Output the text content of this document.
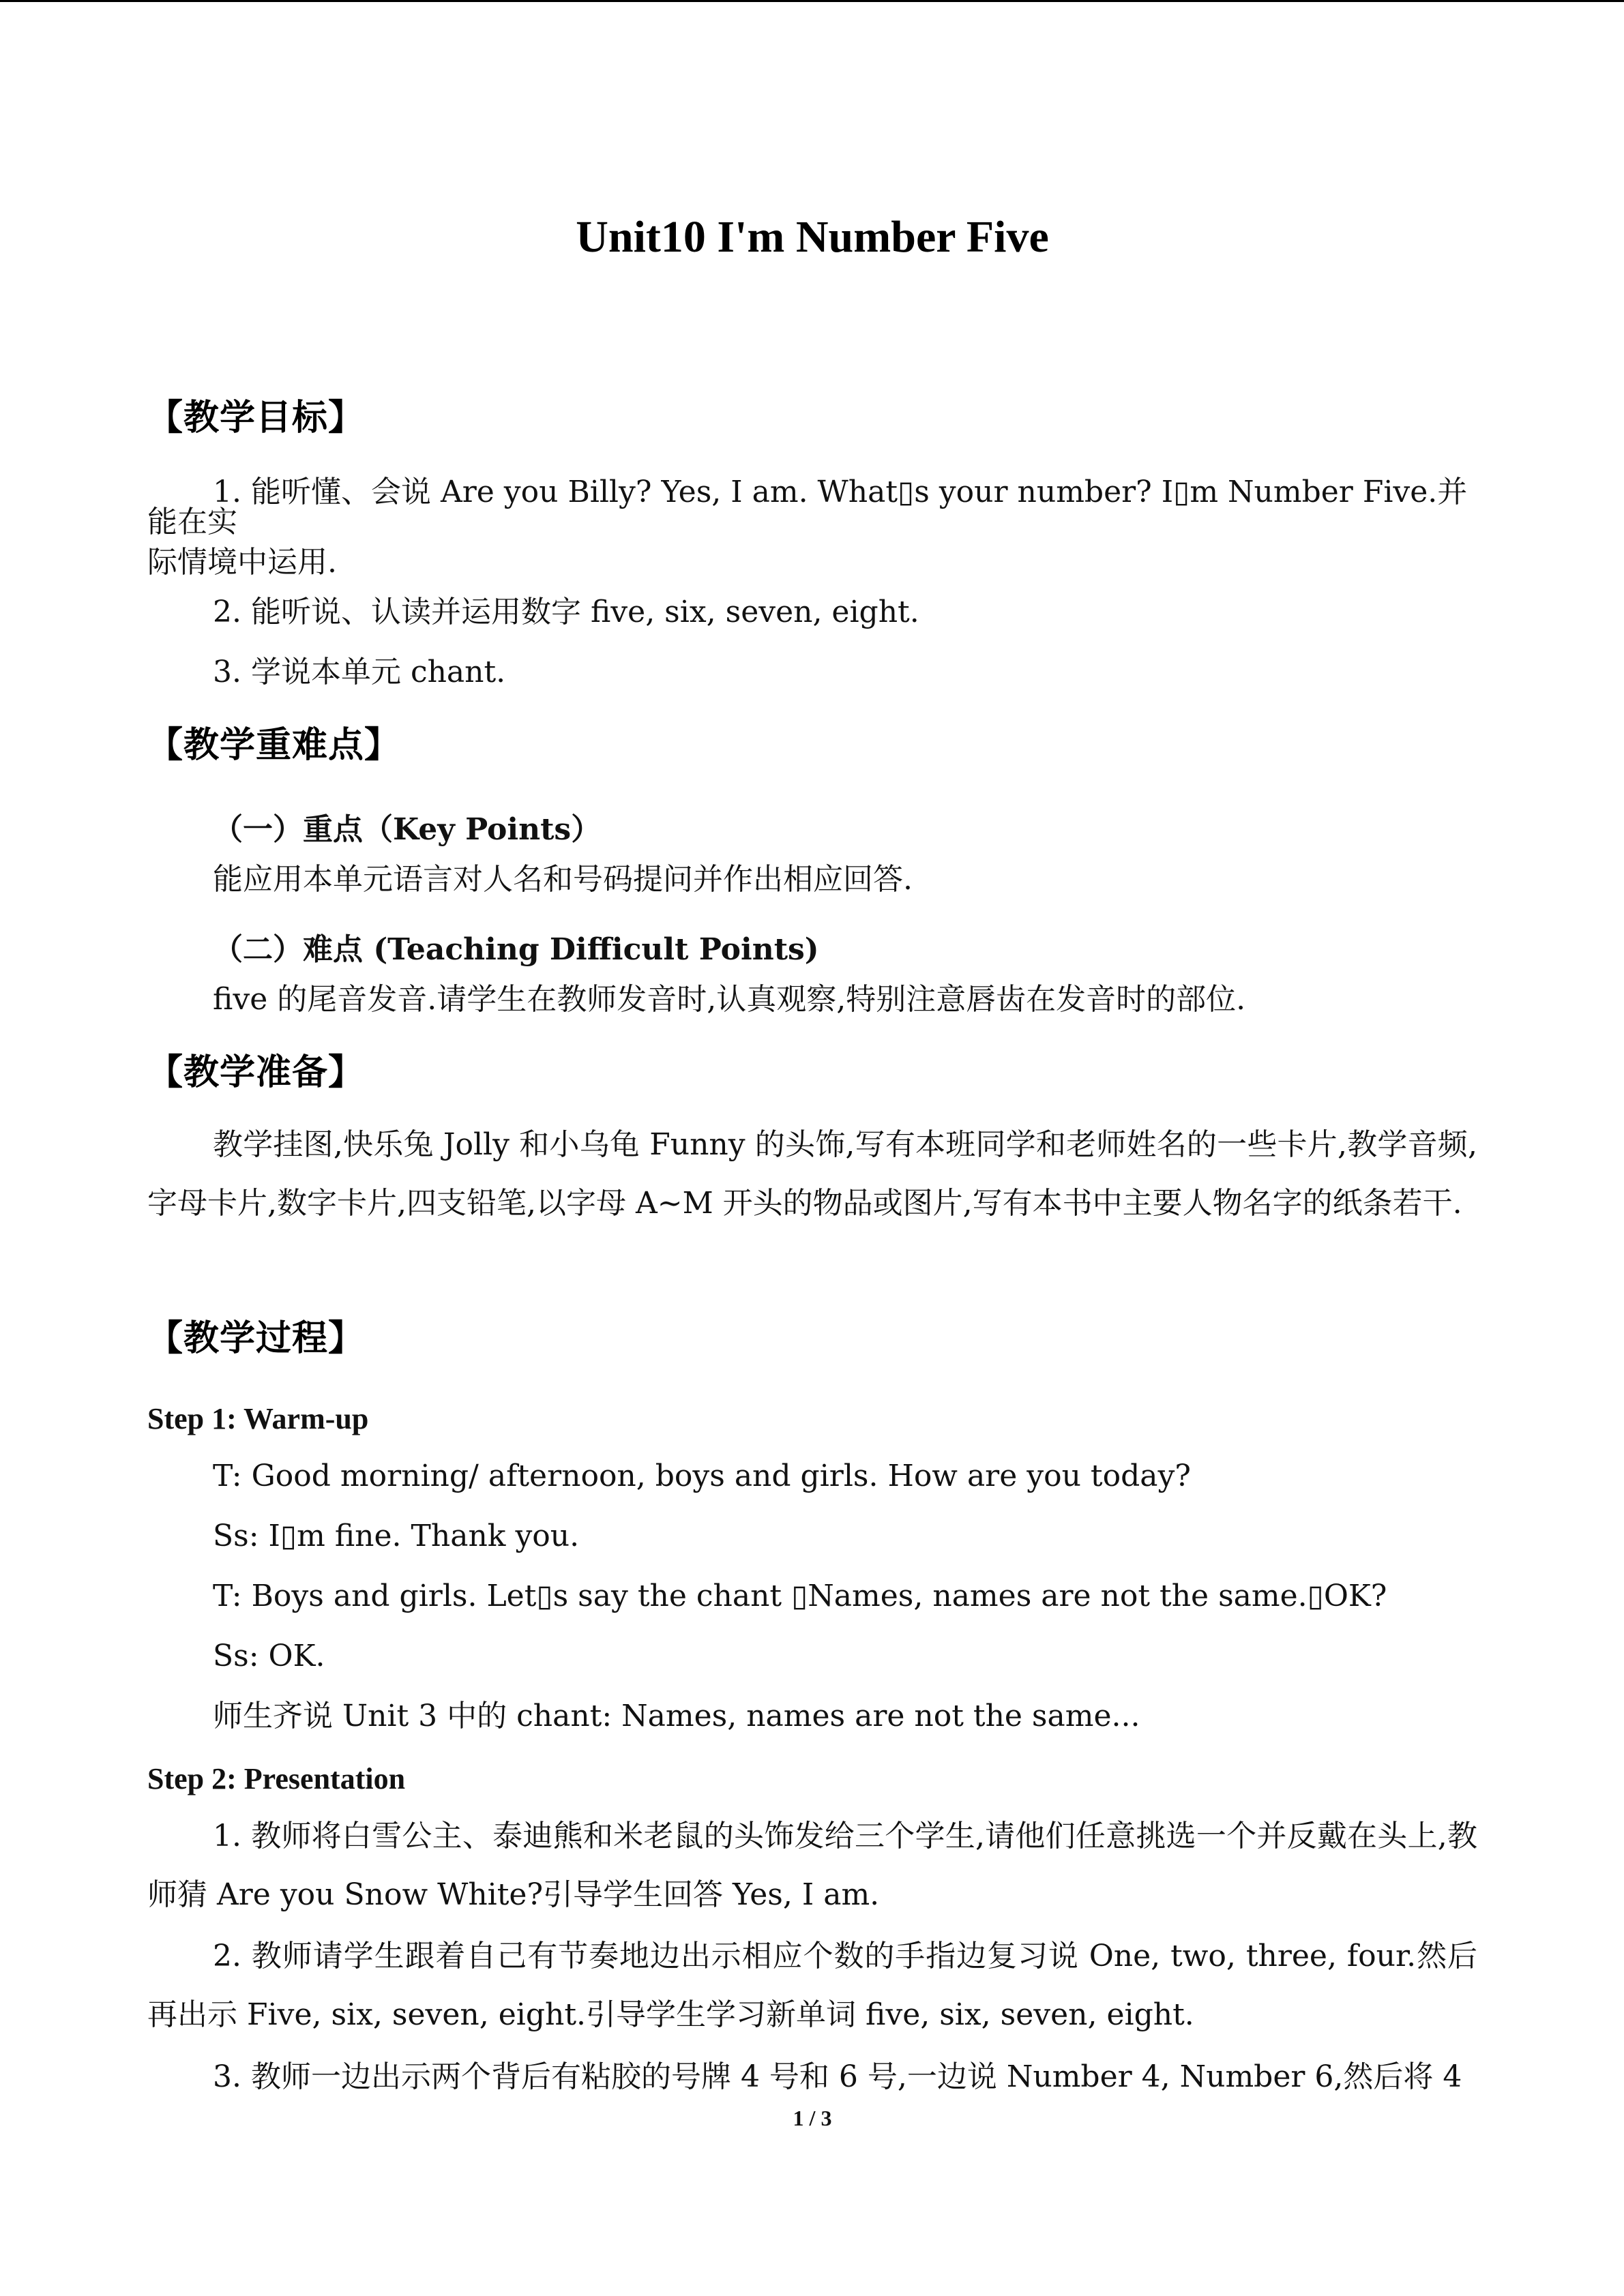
Unit10 I'm Number Five
【教学目标】
1. 能听懂、会说 Are you Billy? Yes, I am. What▯s your number? I▯m Number Five.并能在实
际情境中运用.
2. 能听说、认读并运用数字 five, six, seven, eight.
3. 学说本单元 chant.
【教学重难点】
（一）重点（Key Points）
能应用本单元语言对人名和号码提问并作出相应回答.
（二）难点 (Teaching Difficult Points)
five 的尾音发音.请学生在教师发音时,认真观察,特别注意唇齿在发音时的部位.
【教学准备】
教学挂图,快乐兔 Jolly 和小乌龟 Funny 的头饰,写有本班同学和老师姓名的一些卡片,教学音频,字母卡片,数字卡片,四支铅笔,以字母 A~M 开头的物品或图片,写有本书中主要人物名字的纸条若干.
【教学过程】
Step 1: Warm-up
T: Good morning/ afternoon, boys and girls. How are you today?
Ss: I▯m fine. Thank you.
T: Boys and girls. Let▯s say the chant ▯Names, names are not the same.▯OK?
Ss: OK.
师生齐说 Unit 3 中的 chant: Names, names are not the same...
Step 2: Presentation
1. 教师将白雪公主、泰迪熊和米老鼠的头饰发给三个学生,请他们任意挑选一个并反戴在头上,教师猜 Are you Snow White?引导学生回答 Yes, I am.
2. 教师请学生跟着自己有节奏地边出示相应个数的手指边复习说 One, two, three, four.然后再出示 Five, six, seven, eight.引导学生学习新单词 five, six, seven, eight.
3. 教师一边出示两个背后有粘胶的号牌 4 号和 6 号,一边说 Number 4, Number 6,然后将 4
1 / 3
